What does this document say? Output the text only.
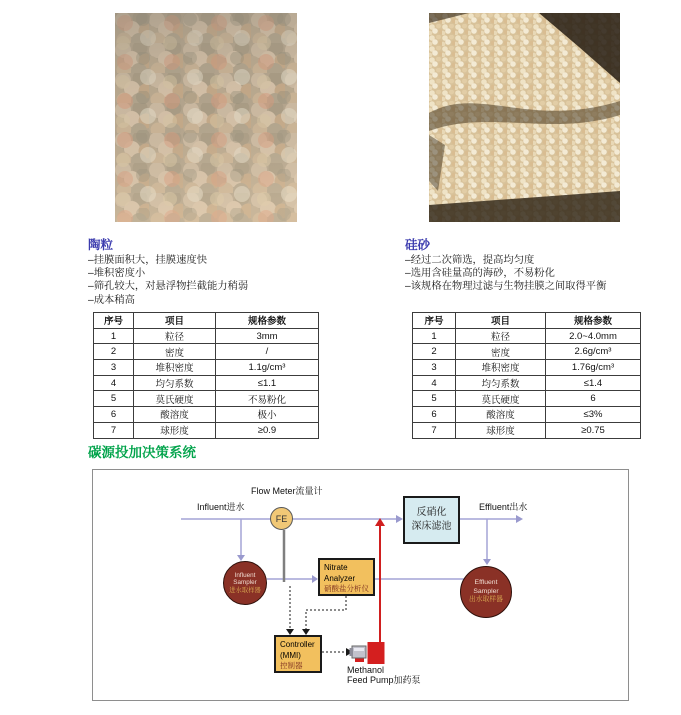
陶粒
–挂膜面积大，挂膜速度快
–堆积密度小
–筛孔较大，对悬浮物拦截能力稍弱
–成本稍高
序号	项目	规格参数
1	粒径	3mm
2	密度	/
3	堆积密度	1.1g/cm³
4	均匀系数	≤1.1
5	莫氏硬度	不易粉化
6	酸溶度	极小
7	球形度	≥0.9
硅砂
–经过二次筛选，提高均匀度
–选用含硅量高的海砂，不易粉化
–该规格在物理过滤与生物挂膜之间取得平衡
序号	项目	规格参数
1	粒径	2.0~4.0mm
2	密度	2.6g/cm³
3	堆积密度	1.76g/cm³
4	均匀系数	≤1.4
5	莫氏硬度	6
6	酸溶度	≤3%
7	球形度	≥0.75
碳源投加决策系统
Influent进水
Flow Meter流量计
FE
反硝化
深床滤池
Effluent出水
Influent
Sampler
进水取样器
Nitrate
Analyzer
硝酸盐分析仪
Effluent
Sampler
出水取样器
Controller
(MMI)
控制器	Methanol
Feed Pump加药泵
